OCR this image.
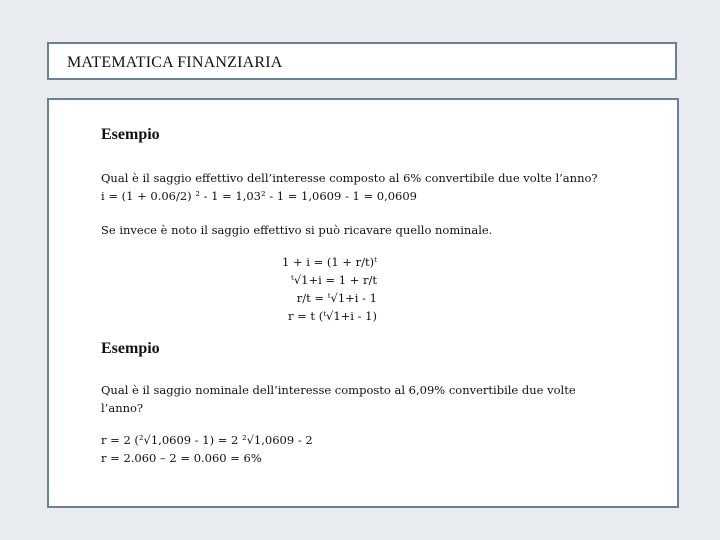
MATEMATICA FINANZIARIA
Esempio
Qual è il saggio effettivo dell’interesse composto al 6% convertibile due volte l’anno?
i = (1 + 0.06/2) ² - 1 = 1,03² - 1 = 1,0609 - 1 = 0,0609
Se invece è noto il saggio effettivo si può ricavare quello nominale.
1 + i = (1 + r/t)ᵗ
ᵗ√1+i = 1 + r/t
r/t = ᵗ√1+i - 1
r = t (ᵗ√1+i - 1)
Esempio
Qual è il saggio nominale dell’interesse composto al 6,09% convertibile due volte
l’anno?
r = 2 (²√1,0609 - 1) = 2 ²√1,0609 - 2
r = 2.060 – 2 = 0.060 = 6%
